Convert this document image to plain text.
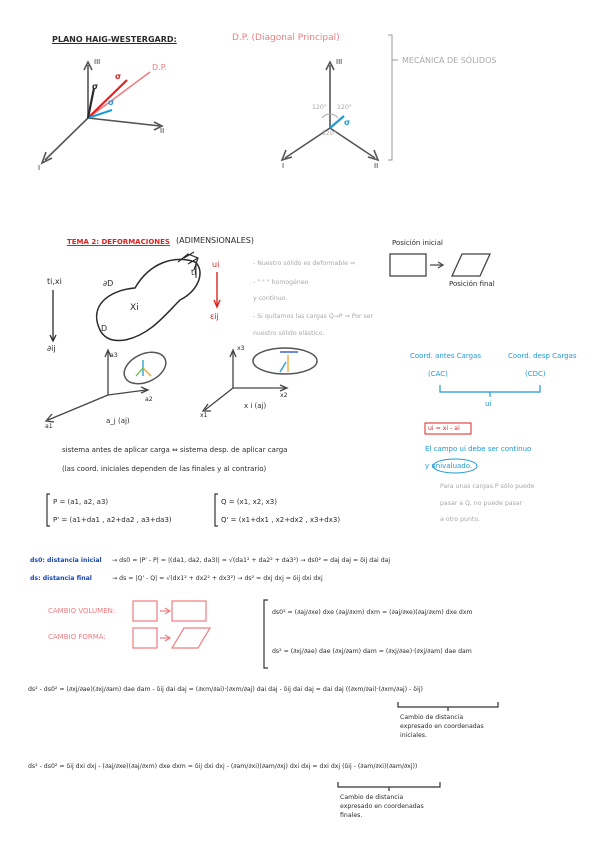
PLANO HAIG-WESTERGARD:	D.P. (Diagonal Principal)
MECÁNICA DE SÓLIDOS
III
II
I
D.P.
σ
σ
σ
III
II
I
120° 120°
120°
σ
TEMA 2: DEFORMACIONES (ADIMENSIONALES)
ti,xi
∂ij
∂D
D
Xi
ti
ui
εij
- Nuestro sólido es deformable ⇒
- " " " homogéneo
y continuo.
- Si quitamos las cargas Q→P ⇒ Por ser
nuestro sólido elástico.
Posición inicial
Posición final
a3
a2
a1
a_j (aj)
x3
x2
x1
x i (aj)
Coord. antes Cargas	Coord. desp Cargas
(CAC)	(CDC)
ui
ui = xi - ai
El campo ui debe ser continuo
y univaluado.
Para unas cargas P sólo puede
pasar a Q, no puede pasar
a otro punto.
sistema antes de aplicar carga ⇔ sistema desp. de aplicar carga
(las coord. iniciales dependen de las finales y al contrario)
P = (a1, a2, a3)
P' = (a1+da1 , a2+da2 , a3+da3)
Q = (x1, x2, x3)
Q' = (x1+dx1 , x2+dx2 , x3+dx3)
ds0: distancia inicial → ds0 = |P' - P| = |(da1, da2, da3)| = √(da1² + da2² + da3²) → ds0² = daj daj = δij dai daj
ds: distancia final	→ ds = |Q' - Q| = √(dx1² + dx2² + dx3²) → ds² = dxj dxj = δij dxi dxj
CAMBIO VOLUMEN:
CAMBIO FORMA:
ds0² = (∂aj/∂xe) dxe (∂aj/∂xm) dxm = (∂aj/∂xe)(∂aj/∂xm) dxe dxm
ds² = (∂xj/∂ae) dae (∂xj/∂am) dam = (∂xj/∂ae)·(∂xj/∂am) dae dam
ds² - ds0² = (∂xj/∂ae)(∂xj/∂am) dae dam - δij dai daj = (∂xm/∂ai)·(∂xm/∂aj) dai daj - δij dai daj = dai daj ((∂xm/∂ai)·(∂xm/∂aj) - δij)
Cambio de distancia
expresado en coordenadas
iniciales.
ds² - ds0² = δij dxi dxj - (∂aj/∂xe)(∂aj/∂xm) dxe dxm = δij dxi dxj - (∂am/∂xi)(∂am/∂xj) dxi dxj = dxi dxj (δij - (∂am/∂xi)(∂am/∂xj))
Cambio de distancia
expresado en coordenadas
finales.
